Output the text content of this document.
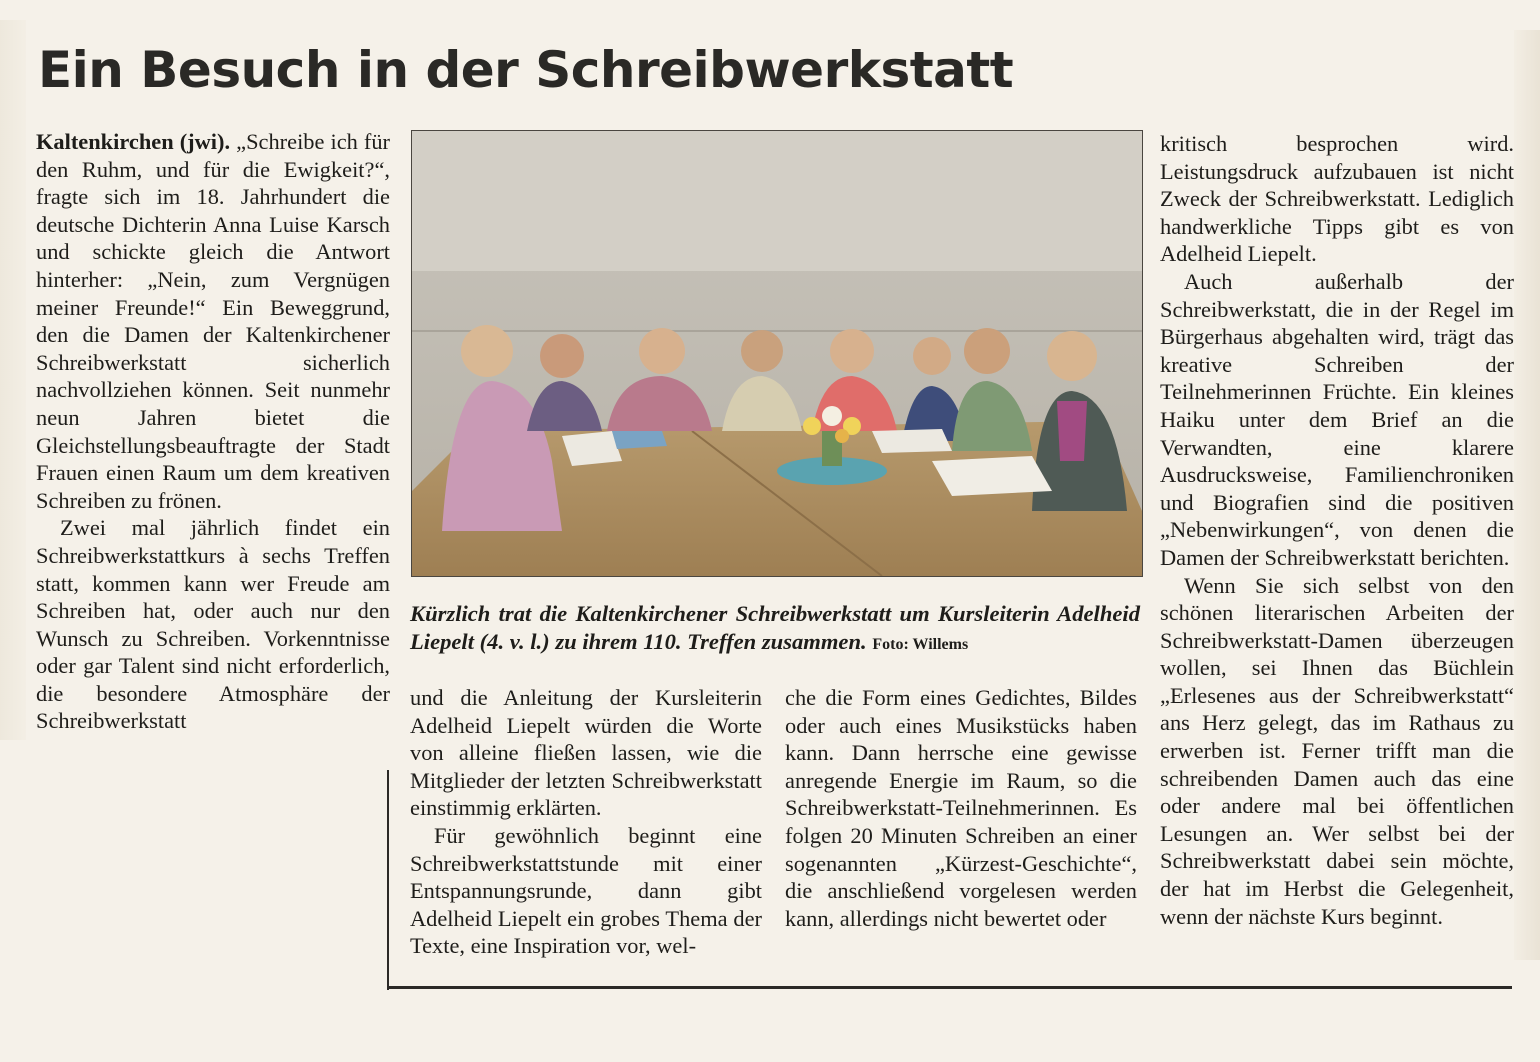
Ein Besuch in der Schreibwerkstatt

Kaltenkirchen (jwi). „Schreibe ich für den Ruhm, und für die Ewigkeit?“, fragte sich im 18. Jahrhundert die deutsche Dichterin Anna Luise Karsch und schickte gleich die Antwort hinterher: „Nein, zum Vergnügen meiner Freunde!“ Ein Beweggrund, den die Damen der Kaltenkirchener Schreibwerkstatt sicherlich nachvollziehen können. Seit nunmehr neun Jahren bietet die Gleichstellungsbeauftragte der Stadt Frauen einen Raum um dem kreativen Schreiben zu frönen.

Zwei mal jährlich findet ein Schreibwerkstattkurs à sechs Treffen statt, kommen kann wer Freude am Schreiben hat, oder auch nur den Wunsch zu Schreiben. Vorkenntnisse oder gar Talent sind nicht erforderlich, die besondere Atmosphäre der Schreibwerkstatt

Kürzlich trat die Kaltenkirchener Schreibwerkstatt um Kursleiterin Adelheid Liepelt (4. v. l.) zu ihrem 110. Treffen zusammen. Foto: Willems

und die Anleitung der Kursleiterin Adelheid Liepelt würden die Worte von alleine fließen lassen, wie die Mitglieder der letzten Schreibwerkstatt einstimmig erklärten.

Für gewöhnlich beginnt eine Schreibwerkstattstunde mit einer Entspannungsrunde, dann gibt Adelheid Liepelt ein grobes Thema der Texte, eine Inspiration vor, wel-

che die Form eines Gedichtes, Bildes oder auch eines Musikstücks haben kann. Dann herrsche eine gewisse anregende Energie im Raum, so die Schreibwerkstatt-Teilnehmerinnen. Es folgen 20 Minuten Schreiben an einer sogenannten „Kürzest-Geschichte“, die anschließend vorgelesen werden kann, allerdings nicht bewertet oder

kritisch besprochen wird. Leistungsdruck aufzubauen ist nicht Zweck der Schreibwerkstatt. Lediglich handwerkliche Tipps gibt es von Adelheid Liepelt.

Auch außerhalb der Schreibwerkstatt, die in der Regel im Bürgerhaus abgehalten wird, trägt das kreative Schreiben der Teilnehmerinnen Früchte. Ein kleines Haiku unter dem Brief an die Verwandten, eine klarere Ausdrucksweise, Familienchroniken und Biografien sind die positiven „Nebenwirkungen“, von denen die Damen der Schreibwerkstatt berichten.

Wenn Sie sich selbst von den schönen literarischen Arbeiten der Schreibwerkstatt-Damen überzeugen wollen, sei Ihnen das Büchlein „Erlesenes aus der Schreibwerkstatt“ ans Herz gelegt, das im Rathaus zu erwerben ist. Ferner trifft man die schreibenden Damen auch das eine oder andere mal bei öffentlichen Lesungen an. Wer selbst bei der Schreibwerkstatt dabei sein möchte, der hat im Herbst die Gelegenheit, wenn der nächste Kurs beginnt.
